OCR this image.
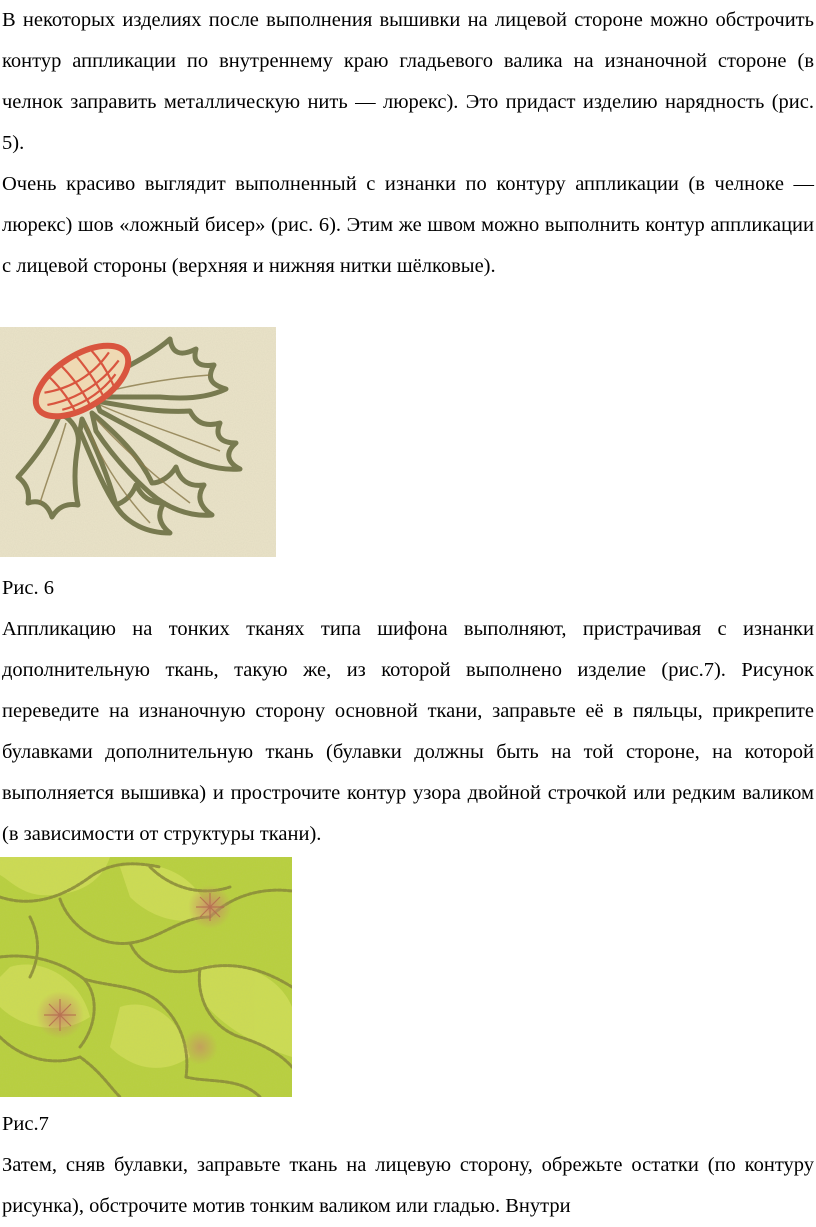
В некоторых изделиях после выполнения вышивки на лицевой стороне можно обстрочить контур аппликации по внутреннему краю гладьевого валика на изнаночной стороне (в челнок заправить металлическую нить — люрекс). Это придаст изделию нарядность (рис. 5).

Очень красиво выглядит выполненный с изнанки по контуру аппликации (в челноке — люрекс) шов «ложный бисер» (рис. 6). Этим же швом можно выполнить контур аппликации с лицевой стороны (верхняя и нижняя нитки шёлковые).

Рис. 6

Аппликацию на тонких тканях типа шифона выполняют, пристрачивая с изнанки дополнительную ткань, такую же, из которой выполнено изделие (рис.7). Рисунок переведите на изнаночную сторону основной ткани, заправьте её в пяльцы, прикрепите булавками дополнительную ткань (булавки должны быть на той стороне, на которой выполняется вышивка) и прострочите контур узора двойной строчкой или редким валиком (в зависимости от структуры ткани).

Рис.7

Затем, сняв булавки, заправьте ткань на лицевую сторону, обрежьте остатки (по контуру рисунка), обстрочите мотив тонким валиком или гладью. Внутри
